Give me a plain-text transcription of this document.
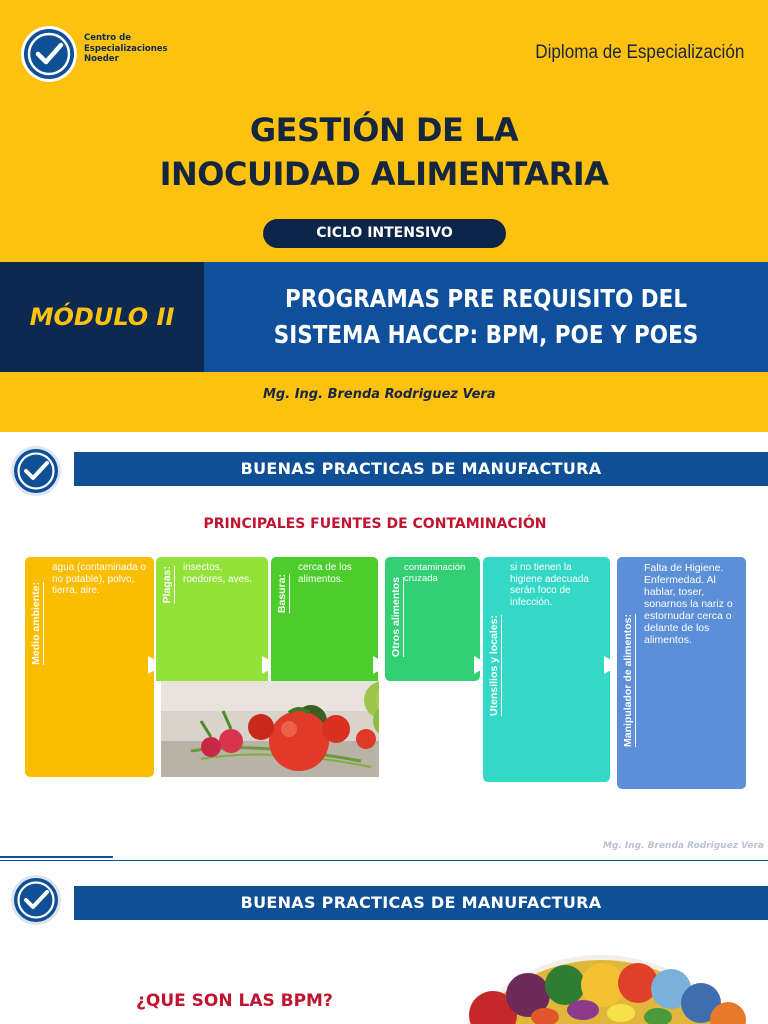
Centro de
Especializaciones
Noeder	Diploma de Especialización
GESTIÓN DE LA
INOCUIDAD ALIMENTARIA
CICLO INTENSIVO
MÓDULO II
PROGRAMAS PRE REQUISITO DEL
SISTEMA HACCP: BPM, POE Y POES
Mg. Ing. Brenda Rodriguez Vera
BUENAS PRACTICAS DE MANUFACTURA
PRINCIPALES FUENTES DE CONTAMINACIÓN
Medio ambiente:
agua (contaminada o no potable), polvo, tierra, aire.	Plagas: insectos, roedores, aves.	Basura:
cerca de los alimentos.	Otros alimentos
contaminación cruzada
Utensilios y locales:
si no tienen la higiene adecuada serán foco de infección.
Manipulador de alimentos:
Falta de Higiene. Enfermedad. Al hablar, toser, sonarnos la nariz o estornudar cerca o delante de los alimentos.
Mg. Ing. Brenda Rodriguez Vera
BUENAS PRACTICAS DE MANUFACTURA
¿QUE SON LAS BPM?
